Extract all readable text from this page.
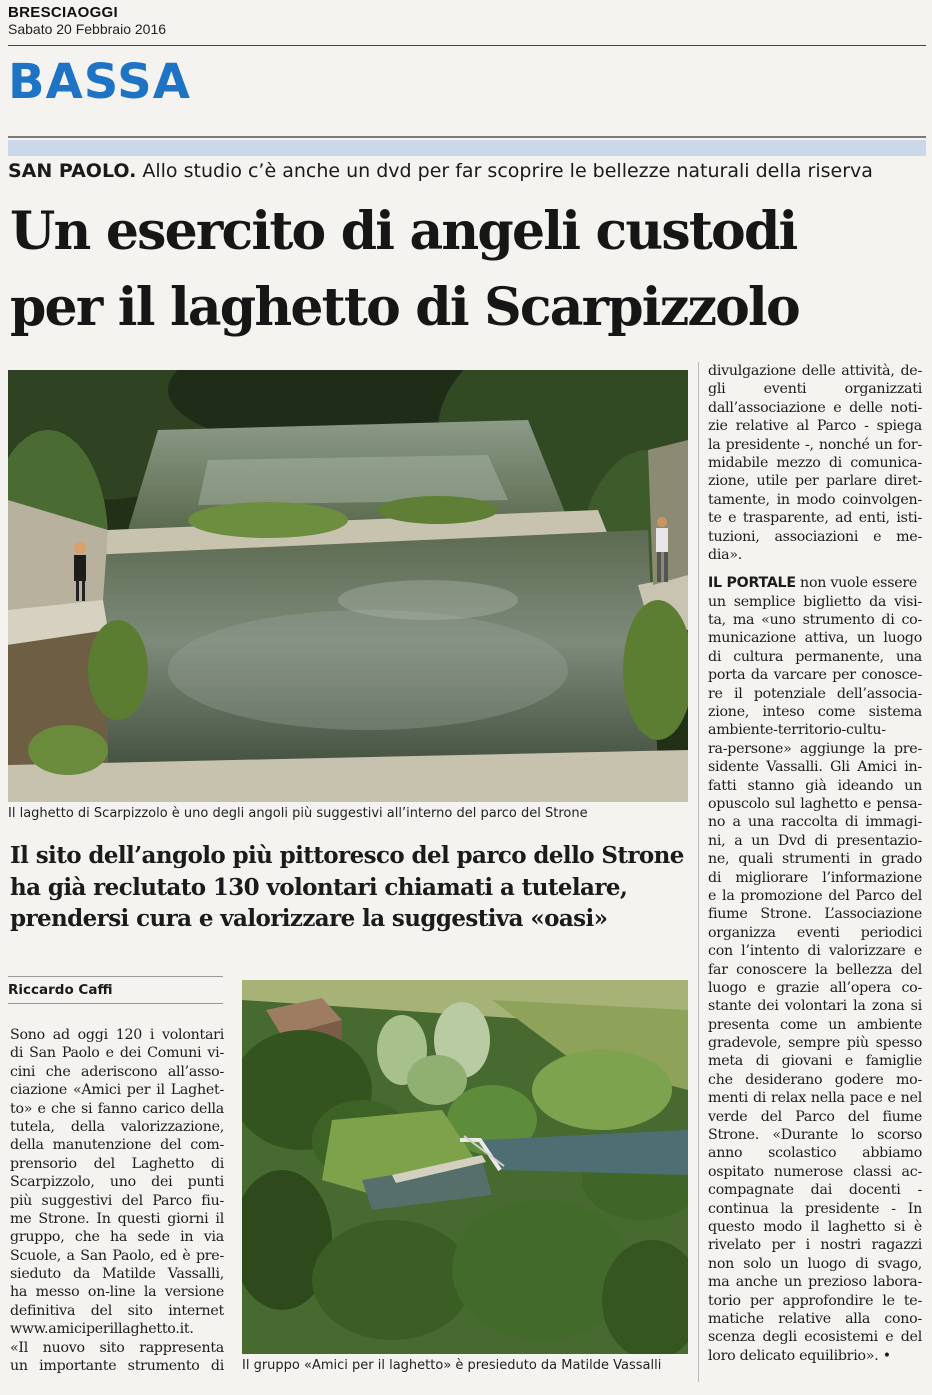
BRESCIAOGGI
Sabato 20 Febbraio 2016
BASSA
SAN PAOLO. Allo studio c’è anche un dvd per far scoprire le bellezze naturali della riserva
Un esercito di angeli custodi
per il laghetto di Scarpizzolo
Il laghetto di Scarpizzolo è uno degli angoli più suggestivi all’interno del parco del Strone
Il sito dell’angolo più pittoresco del parco dello Strone
ha già reclutato 130 volontari chiamati a tutelare,
prendersi cura e valorizzare la suggestiva «oasi»
Riccardo Caffi
Sono ad oggi 120 i volontari
di San Paolo e dei Comuni vi-
cini che aderiscono all’asso-
ciazione «Amici per il Laghet-
to» e che si fanno carico della
tutela, della valorizzazione,
della manutenzione del com-
prensorio del Laghetto di
Scarpizzolo, uno dei punti
più suggestivi del Parco fiu-
me Strone. In questi giorni il
gruppo, che ha sede in via
Scuole, a San Paolo, ed è pre-
sieduto da Matilde Vassalli,
ha messo on-line la versione
definitiva del sito internet
www.amiciperillaghetto.it.
«Il nuovo sito rappresenta
un importante strumento di Il gruppo «Amici per il laghetto» è presieduto da Matilde Vassalli
divulgazione delle attività, de-
gli eventi organizzati
dall’associazione e delle noti-
zie relative al Parco - spiega
la presidente -, nonché un for-
midabile mezzo di comunica-
zione, utile per parlare diret-
tamente, in modo coinvolgen-
te e trasparente, ad enti, isti-
tuzioni, associazioni e me-
dia».
IL PORTALE non vuole essere
un semplice biglietto da visi-
ta, ma «uno strumento di co-
municazione attiva, un luogo
di cultura permanente, una
porta da varcare per conosce-
re il potenziale dell’associa-
zione, inteso come sistema
ambiente-territorio-cultu-
ra-persone» aggiunge la pre-
sidente Vassalli. Gli Amici in-
fatti stanno già ideando un
opuscolo sul laghetto e pensa-
no a una raccolta di immagi-
ni, a un Dvd di presentazio-
ne, quali strumenti in grado
di migliorare l’informazione
e la promozione del Parco del
fiume Strone. L’associazione
organizza eventi periodici
con l’intento di valorizzare e
far conoscere la bellezza del
luogo e grazie all’opera co-
stante dei volontari la zona si
presenta come un ambiente
gradevole, sempre più spesso
meta di giovani e famiglie
che desiderano godere mo-
menti di relax nella pace e nel
verde del Parco del fiume
Strone. «Durante lo scorso
anno scolastico abbiamo
ospitato numerose classi ac-
compagnate dai docenti -
continua la presidente - In
questo modo il laghetto si è
rivelato per i nostri ragazzi
non solo un luogo di svago,
ma anche un prezioso labora-
torio per approfondire le te-
matiche relative alla cono-
scenza degli ecosistemi e del
loro delicato equilibrio». •
